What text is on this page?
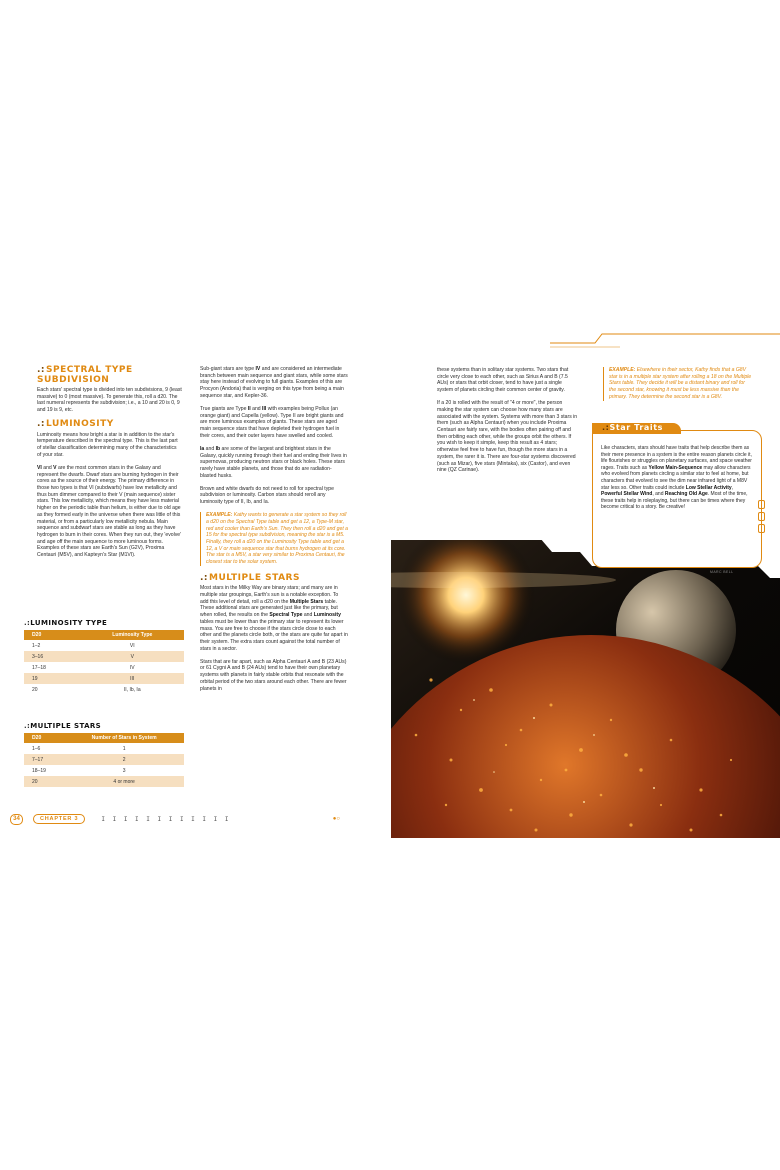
.:SPECTRAL TYPE SUBDIVISION

Each stars' spectral type is divided into ten subdivisions, 9 (least massive) to 0 (most massive). To generate this, roll a d20. The last numeral represents the subdivision; i.e., a 10 and 20 is 0, 9 and 19 is 9, etc.

.:LUMINOSITY

Luminosity means how bright a star is in addition to the star's temperature described in the spectral type. This is the last part of stellar classification determining many of the characteristics of your star.

VI and V are the most common stars in the Galaxy and represent the dwarfs. Dwarf stars are burning hydrogen in their cores as the source of their energy. The primary difference in those two types is that VI (subdwarfs) have low metallicity and thus burn dimmer compared to their V (main sequence) sister stars. This low metallicity, which means they have less material higher on the periodic table than helium, is either due to old age as they formed early in the universe when there was little of this material, or from a particularly low metallicity nebula. Main sequence and subdwarf stars are stable as long as they have hydrogen to burn in their cores. When they run out, they 'evolve' and age off the main sequence to more luminous forms. Examples of these stars are Earth's Sun (G2V), Proxima Centauri (M5V), and Kapteyn's Star (M1VI).

.:LUMINOSITY TYPE
D20	Luminosity Type
1–2	VI
3–16	V
17–18	IV
19	III
20	II, Ib, Ia
.:MULTIPLE STARS
D20	Number of Stars in System
1–6	1
7–17	2
18–19	3
20	4 or more

Sub-giant stars are type IV and are considered an intermediate branch between main sequence and giant stars, while some stars stay here instead of evolving to full giants. Examples of this are Procyon (Andoria) that is verging on this type from being a main sequence star, and Kepler-36.

True giants are Type II and III with examples being Pollux (an orange giant) and Capella (yellow). Type II are bright giants and are more luminous examples of giants. These stars are aged main sequence stars that have depleted their hydrogen fuel in their cores, and their outer layers have swelled and cooled.

Ia and Ib are some of the largest and brightest stars in the Galaxy, quickly running through their fuel and ending their lives in supernovas, producing neutron stars or black holes. These stars rarely have stable planets, and those that do are radiation-blasted husks.

Brown and white dwarfs do not need to roll for spectral type subdivision or luminosity. Carbon stars should reroll any luminosity type of II, Ib, and Ia.

EXAMPLE: Kathy wants to generate a star system so they roll a d20 on the Spectral Type table and get a 12, a Type-M star, red and cooler than Earth's Sun. They then roll a d20 and get a 15 for the spectral type subdivision, meaning the star is a M5. Finally, they roll a d20 on the Luminosity Type table and get a 12, a V or main sequence star that burns hydrogen at its core. The star is a M5V, a star very similar to Proxima Centauri, the closest star to the solar system.
.:MULTIPLE STARS

Most stars in the Milky Way are binary stars; and many are in multiple star groupings, Earth's sun is a notable exception. To add this level of detail, roll a d20 on the Multiple Stars table. These additional stars are generated just like the primary, but when rolled, the results on the Spectral Type and Luminosity tables must be lower than the primary star to represent its lower mass. You are free to choose if the stars circle close to each other and the planets circle both, or the stars are quite far apart in their system. The extra stars count against the total number of stars in a sector.

Stars that are far apart, such as Alpha Centauri A and B (23 AUs) or 61 Cygni A and B (24 AUs) tend to have their own planetary systems with planets in fairly stable orbits that resonate with the orbital period of the two stars around each other. There are fewer planets in

34	CHAPTER 3	I I I I I I I I I I I I	●○

these systems than in solitary star systems. Two stars that circle very close to each other, such as Sirius A and B (7.5 AUs) or stars that orbit closer, tend to have just a single system of planets circling their common center of gravity.

If a 20 is rolled with the result of "4 or more", the person making the star system can choose how many stars are associated with the system. Systems with more than 3 stars in them (such as Alpha Centauri) when you include Proxima Centauri are fairly rare, with the bodies often pairing off and then orbiting each other, while the groups orbit the others. If you wish to keep it simple, keep this result as 4 stars; otherwise feel free to have fun, though the more stars in a system, the rarer it is. There are four-star systems discovered (such as Mizar), five stars (Mintaka), six (Castor), and even nine (QZ Carinae).

EXAMPLE: Elsewhere in their sector, Kathy finds that a G8V star is in a multiple star system after rolling a 18 on the Multiple Stars table. They decide it will be a distant binary and roll for the second star, knowing it must be less massive than the primary. They determine the second star is a G8V.
.:Star Traits

Like characters, stars should have traits that help describe them as their mere presence in a system is the entire reason planets circle it, life flourishes or struggles on planetary surfaces, and space weather rages. Traits such as Yellow Main-Sequence may allow characters who evolved from planets circling a similar star to feel at home, but characters that evolved to see the dim near infrared light of a M8V star less so. Other traits could include Low Stellar Activity, Powerful Stellar Wind, and Reaching Old Age. Most of the time, these traits help in roleplaying, but there can be times where they become critical to a story. Be creative!

MARC BELL
